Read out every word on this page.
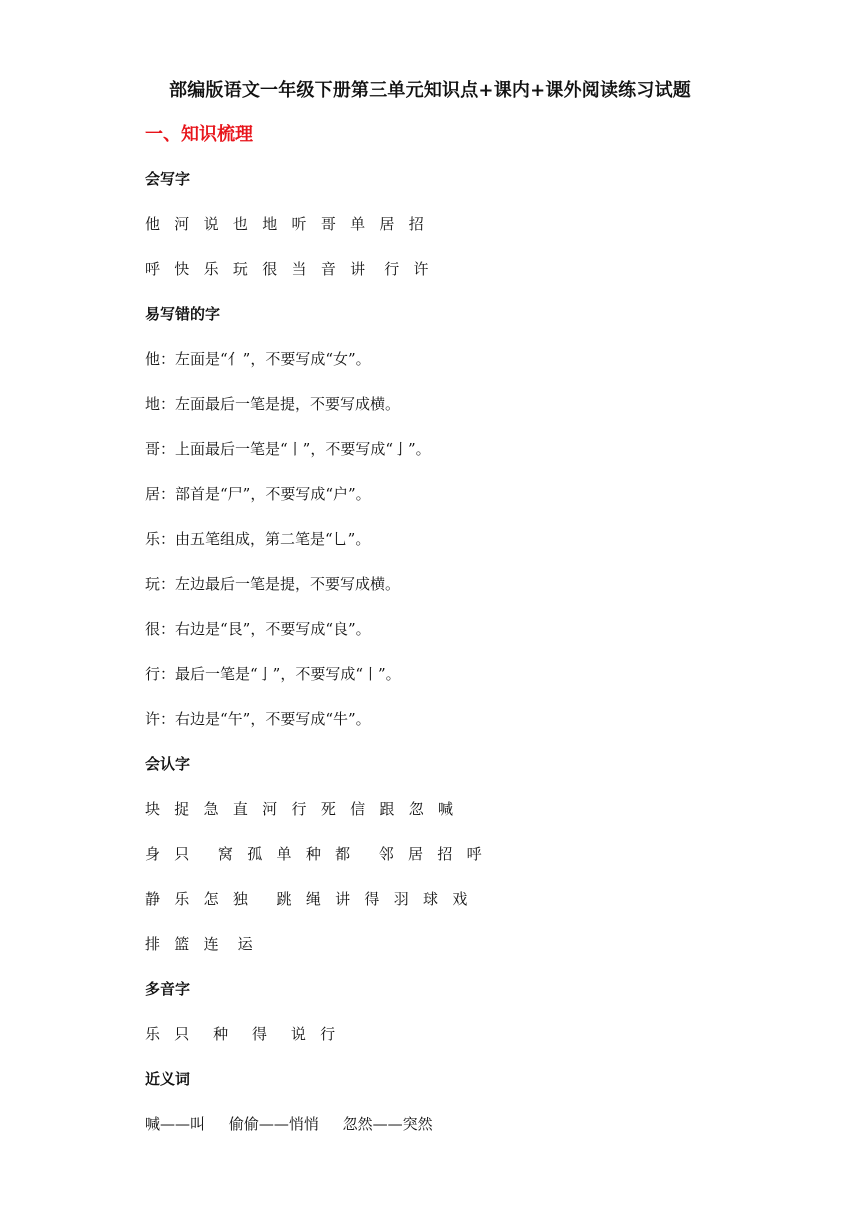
部编版语文一年级下册第三单元知识点+课内+课外阅读练习试题
一、知识梳理
会写字
他   河   说   也   地   听   哥   单   居   招
呼   快   乐   玩   很   当   音   讲    行   许
易写错的字
他：左面是“亻”，不要写成“女”。
地：左面最后一笔是提，不要写成横。
哥：上面最后一笔是“丨”，不要写成“亅”。
居：部首是“尸”，不要写成“户”。
乐：由五笔组成，第二笔是“乚”。
玩：左边最后一笔是提，不要写成横。
很：右边是“艮”，不要写成“良”。
行：最后一笔是“亅”，不要写成“丨”。
许：右边是“午”，不要写成“牛”。
会认字
块   捉   急   直   河   行   死   信   跟   忽   喊
身   只      窝   孤   单   种   都      邻   居   招   呼
静   乐   怎   独      跳   绳   讲   得   羽   球   戏
排   篮   连    运
多音字
乐   只     种     得     说   行
近义词
喊——叫     偷偷——悄悄     忽然——突然
